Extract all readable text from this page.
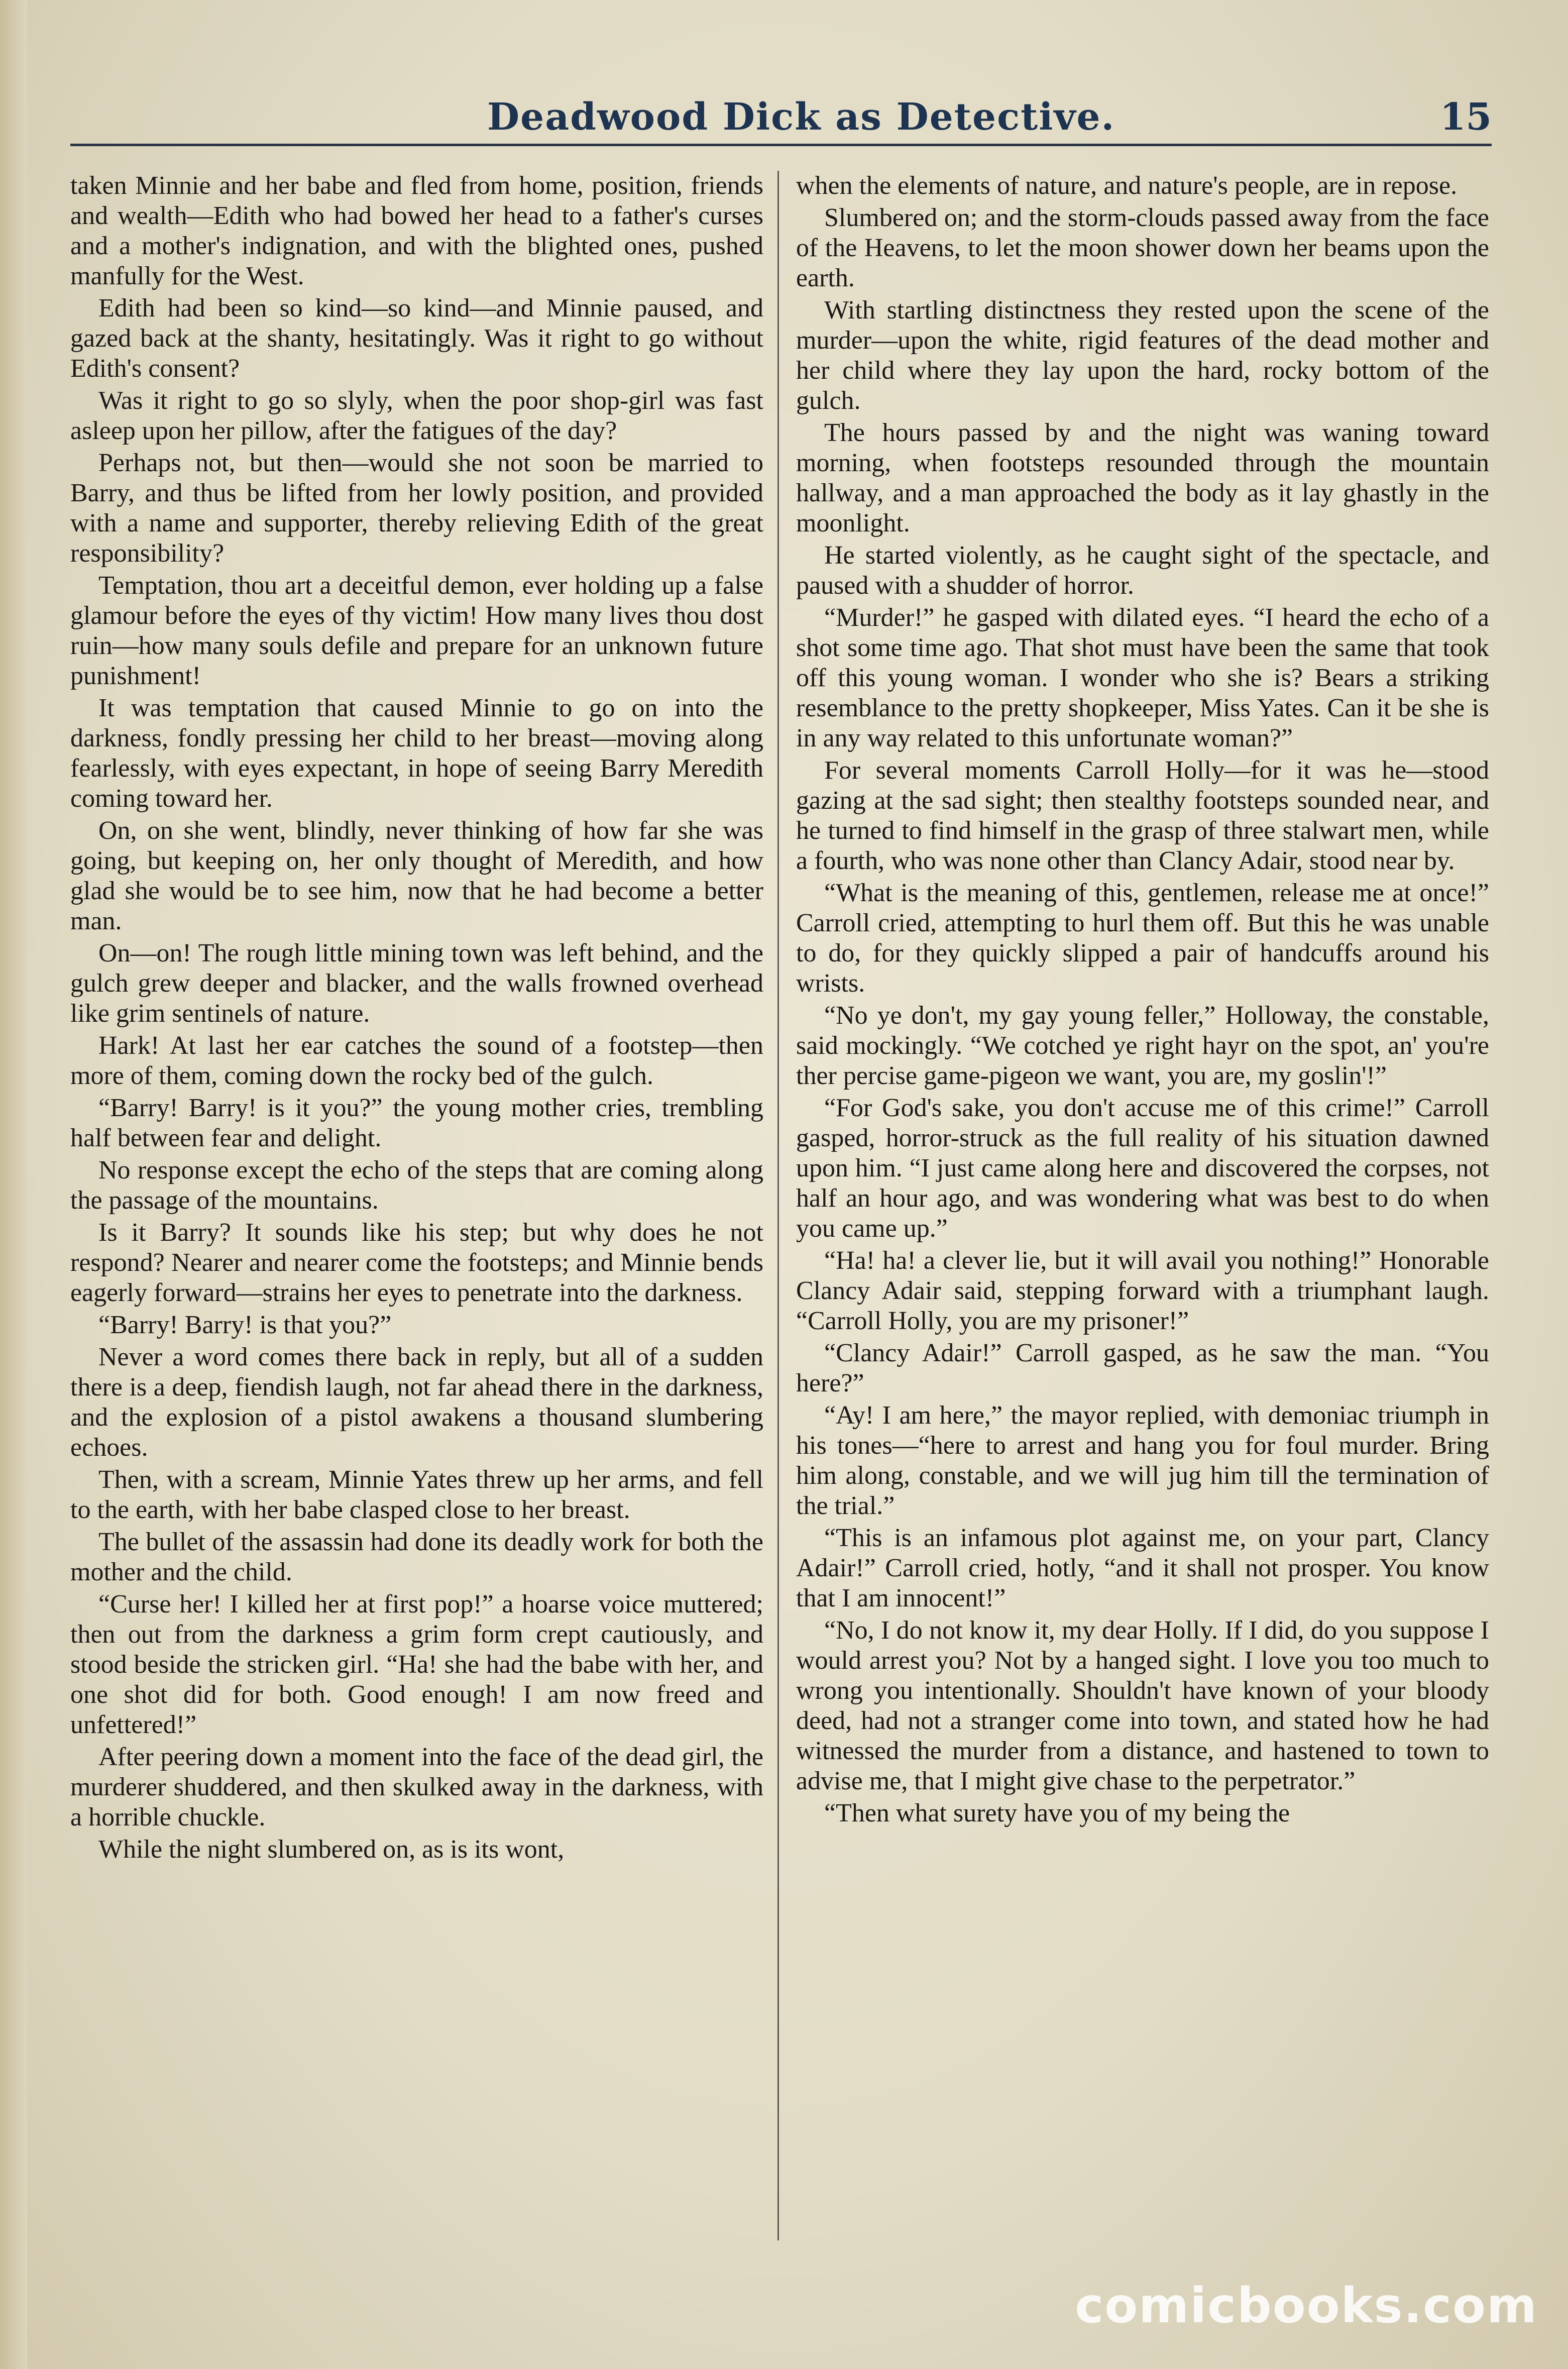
Deadwood Dick as Detective.	15

taken Minnie and her babe and fled from home, position, friends and wealth—Edith who had bowed her head to a father's curses and a mother's indignation, and with the blighted ones, pushed manfully for the West.

Edith had been so kind—so kind—and Minnie paused, and gazed back at the shanty, hesitatingly. Was it right to go without Edith's consent?

Was it right to go so slyly, when the poor shop-girl was fast asleep upon her pillow, after the fatigues of the day?

Perhaps not, but then—would she not soon be married to Barry, and thus be lifted from her lowly position, and provided with a name and supporter, thereby relieving Edith of the great responsibility?

Temptation, thou art a deceitful demon, ever holding up a false glamour before the eyes of thy victim! How many lives thou dost ruin—how many souls defile and prepare for an unknown future punishment!

It was temptation that caused Minnie to go on into the darkness, fondly pressing her child to her breast—moving along fearlessly, with eyes expectant, in hope of seeing Barry Meredith coming toward her.

On, on she went, blindly, never thinking of how far she was going, but keeping on, her only thought of Meredith, and how glad she would be to see him, now that he had become a better man.

On—on! The rough little mining town was left behind, and the gulch grew deeper and blacker, and the walls frowned overhead like grim sentinels of nature.

Hark! At last her ear catches the sound of a footstep—then more of them, coming down the rocky bed of the gulch.

“Barry! Barry! is it you?” the young mother cries, trembling half between fear and delight.

No response except the echo of the steps that are coming along the passage of the mountains.

Is it Barry? It sounds like his step; but why does he not respond? Nearer and nearer come the footsteps; and Minnie bends eagerly forward—strains her eyes to penetrate into the darkness.

“Barry! Barry! is that you?”

Never a word comes there back in reply, but all of a sudden there is a deep, fiendish laugh, not far ahead there in the darkness, and the explosion of a pistol awakens a thousand slumbering echoes.

Then, with a scream, Minnie Yates threw up her arms, and fell to the earth, with her babe clasped close to her breast.

The bullet of the assassin had done its deadly work for both the mother and the child.

“Curse her! I killed her at first pop!” a hoarse voice muttered; then out from the darkness a grim form crept cautiously, and stood beside the stricken girl. “Ha! she had the babe with her, and one shot did for both. Good enough! I am now freed and unfettered!”

After peering down a moment into the face of the dead girl, the murderer shuddered, and then skulked away in the darkness, with a horrible chuckle.

While the night slumbered on, as is its wont,

when the elements of nature, and nature's people, are in repose.

Slumbered on; and the storm-clouds passed away from the face of the Heavens, to let the moon shower down her beams upon the earth.

With startling distinctness they rested upon the scene of the murder—upon the white, rigid features of the dead mother and her child where they lay upon the hard, rocky bottom of the gulch.

The hours passed by and the night was waning toward morning, when footsteps resounded through the mountain hallway, and a man approached the body as it lay ghastly in the moonlight.

He started violently, as he caught sight of the spectacle, and paused with a shudder of horror.

“Murder!” he gasped with dilated eyes. “I heard the echo of a shot some time ago. That shot must have been the same that took off this young woman. I wonder who she is? Bears a striking resemblance to the pretty shopkeeper, Miss Yates. Can it be she is in any way related to this unfortunate woman?”

For several moments Carroll Holly—for it was he—stood gazing at the sad sight; then stealthy footsteps sounded near, and he turned to find himself in the grasp of three stalwart men, while a fourth, who was none other than Clancy Adair, stood near by.

“What is the meaning of this, gentlemen, release me at once!” Carroll cried, attempting to hurl them off. But this he was unable to do, for they quickly slipped a pair of handcuffs around his wrists.

“No ye don't, my gay young feller,” Holloway, the constable, said mockingly. “We cotched ye right hayr on the spot, an' you're ther percise game-pigeon we want, you are, my goslin'!”

“For God's sake, you don't accuse me of this crime!” Carroll gasped, horror-struck as the full reality of his situation dawned upon him. “I just came along here and discovered the corpses, not half an hour ago, and was wondering what was best to do when you came up.”

“Ha! ha! a clever lie, but it will avail you nothing!” Honorable Clancy Adair said, stepping forward with a triumphant laugh. “Carroll Holly, you are my prisoner!”

“Clancy Adair!” Carroll gasped, as he saw the man. “You here?”

“Ay! I am here,” the mayor replied, with demoniac triumph in his tones—“here to arrest and hang you for foul murder. Bring him along, constable, and we will jug him till the termination of the trial.”

“This is an infamous plot against me, on your part, Clancy Adair!” Carroll cried, hotly, “and it shall not prosper. You know that I am innocent!”

“No, I do not know it, my dear Holly. If I did, do you suppose I would arrest you? Not by a hanged sight. I love you too much to wrong you intentionally. Shouldn't have known of your bloody deed, had not a stranger come into town, and stated how he had witnessed the murder from a distance, and hastened to town to advise me, that I might give chase to the perpetrator.”

“Then what surety have you of my being the

comicbooks.com
